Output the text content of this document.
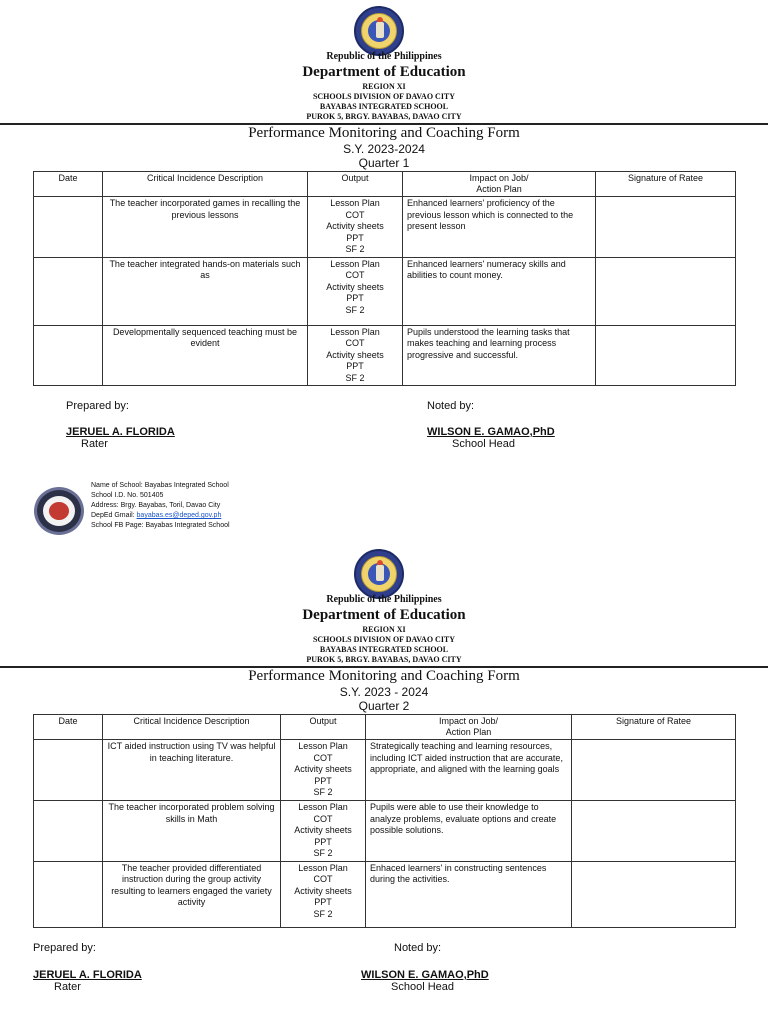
Republic of the Philippines
Department of Education
REGION XI
SCHOOLS DIVISION OF DAVAO CITY
BAYABAS INTEGRATED SCHOOL
PUROK 5, BRGY. BAYABAS, DAVAO CITY
Performance Monitoring and Coaching Form
S.Y. 2023-2024
Quarter 1
Date	Critical Incidence Description	Output	Impact on Job/
Action Plan	Signature of Ratee
	The teacher incorporated games in recalling the previous lessons	Lesson Plan
COT
Activity sheets
PPT
SF 2	Enhanced learners' proficiency of the previous lesson which is connected to the present lesson	
	The teacher integrated hands-on materials such as	Lesson Plan
COT
Activity sheets
PPT
SF 2	Enhanced learners' numeracy skills and abilities to count money.	
	Developmentally sequenced teaching must be evident	Lesson Plan
COT
Activity sheets
PPT
SF 2	Pupils understood the learning tasks that makes teaching and learning process progressive and successful.	
Prepared by:
JERUEL A. FLORIDA
Rater
Noted by:
WILSON E. GAMAO,PhD
School Head
Name of School: Bayabas Integrated School
School I.D. No. 501405
Address: Brgy. Bayabas, Toril, Davao City
DepEd Gmail: bayabas.es@deped.gov.ph
School FB Page: Bayabas Integrated School
Republic of the Philippines
Department of Education
REGION XI
SCHOOLS DIVISION OF DAVAO CITY
BAYABAS INTEGRATED SCHOOL
PUROK 5, BRGY. BAYABAS, DAVAO CITY
Performance Monitoring and Coaching Form
S.Y. 2023 - 2024
Quarter 2
Date	Critical Incidence Description	Output	Impact on Job/
Action Plan	Signature of Ratee
	ICT aided instruction using TV was helpful in teaching literature.	Lesson Plan
COT
Activity sheets
PPT
SF 2	Strategically teaching and learning resources, including ICT aided instruction that are accurate, appropriate, and aligned with the learning goals	
	The teacher incorporated problem solving skills in Math	Lesson Plan
COT
Activity sheets
PPT
SF 2	Pupils were able to use their knowledge to analyze problems, evaluate options and create possible solutions.	
	The teacher provided differentiated instruction during the group activity resulting to learners engaged the variety activity	Lesson Plan
COT
Activity sheets
PPT
SF 2	Enhaced learners' in constructing sentences during the activities.	
Prepared by:
JERUEL A. FLORIDA
Rater
Noted by:
WILSON E. GAMAO,PhD
School Head
